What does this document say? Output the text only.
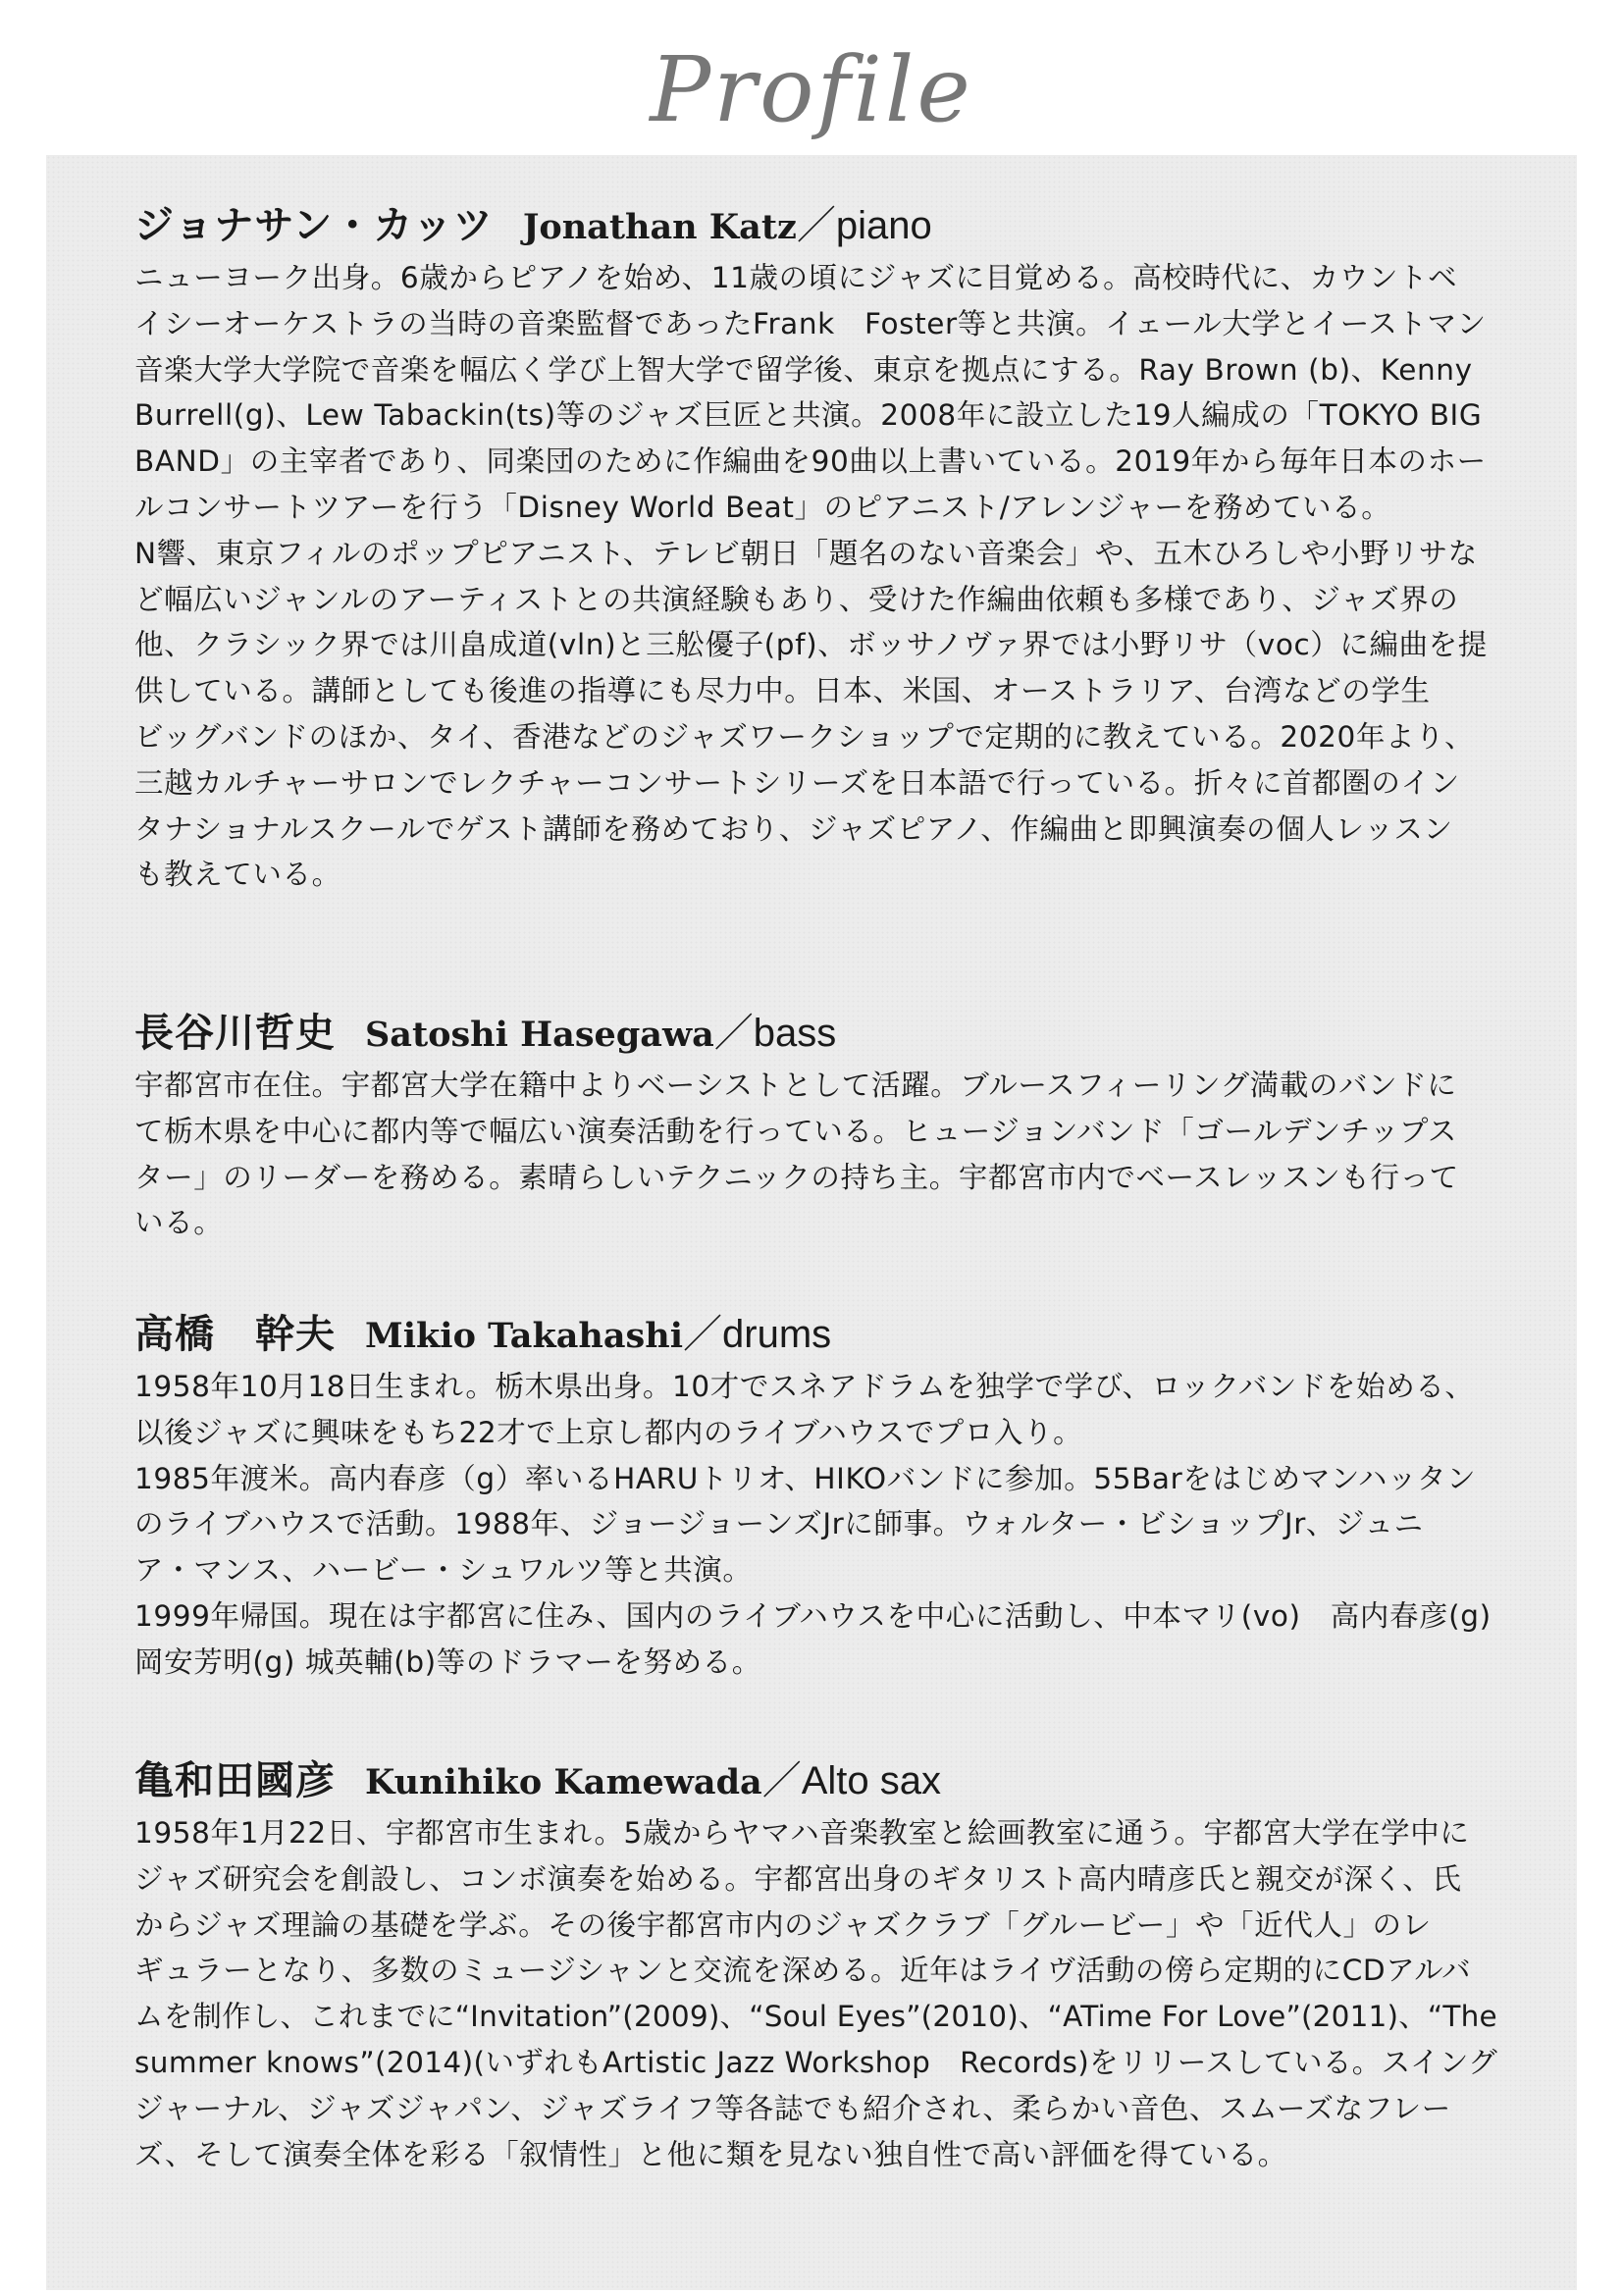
Profile
ジョナサン・カッツ Jonathan Katz／piano
ニューヨーク出身。6歳からピアノを始め、11歳の頃にジャズに目覚める。高校時代に、カウントベ
イシーオーケストラの当時の音楽監督であったFrank　Foster等と共演。イェール大学とイーストマン
音楽大学大学院で音楽を幅広く学び上智大学で留学後、東京を拠点にする。Ray Brown (b)、Kenny
Burrell(g)、Lew Tabackin(ts)等のジャズ巨匠と共演。2008年に設立した19人編成の「TOKYO BIG
BAND」の主宰者であり、同楽団のために作編曲を90曲以上書いている。2019年から毎年日本のホー
ルコンサートツアーを行う「Disney World Beat」のピアニスト/アレンジャーを務めている。
N響、東京フィルのポップピアニスト、テレビ朝日「題名のない音楽会」や、五木ひろしや小野リサな
ど幅広いジャンルのアーティストとの共演経験もあり、受けた作編曲依頼も多様であり、ジャズ界の
他、クラシック界では川畠成道(vln)と三舩優子(pf)、ボッサノヴァ界では小野リサ（voc）に編曲を提
供している。講師としても後進の指導にも尽力中。日本、米国、オーストラリア、台湾などの学生
ビッグバンドのほか、タイ、香港などのジャズワークショップで定期的に教えている。2020年より、
三越カルチャーサロンでレクチャーコンサートシリーズを日本語で行っている。折々に首都圏のイン
タナショナルスクールでゲスト講師を務めており、ジャズピアノ、作編曲と即興演奏の個人レッスン
も教えている。
長谷川哲史 Satoshi Hasegawa／bass
宇都宮市在住。宇都宮大学在籍中よりベーシストとして活躍。ブルースフィーリング満載のバンドに
て栃木県を中心に都内等で幅広い演奏活動を行っている。ヒュージョンバンド「ゴールデンチップス
ター」のリーダーを務める。素晴らしいテクニックの持ち主。宇都宮市内でベースレッスンも行って
いる。
高橋　幹夫 Mikio Takahashi／drums
1958年10月18日生まれ。栃木県出身。10才でスネアドラムを独学で学び、ロックバンドを始める、
以後ジャズに興味をもち22才で上京し都内のライブハウスでプロ入り。
1985年渡米。高内春彦（g）率いるHARUトリオ、HIKOバンドに参加。55Barをはじめマンハッタン
のライブハウスで活動。1988年、ジョージョーンズJrに師事。ウォルター・ビショップJr、ジュニ
ア・マンス、ハービー・シュワルツ等と共演。
1999年帰国。現在は宇都宮に住み、国内のライブハウスを中心に活動し、中本マリ(vo)　高内春彦(g)
岡安芳明(g) 城英輔(b)等のドラマーを努める。
亀和田國彦 Kunihiko Kamewada／Alto sax
1958年1月22日、宇都宮市生まれ。5歳からヤマハ音楽教室と絵画教室に通う。宇都宮大学在学中に
ジャズ研究会を創設し、コンボ演奏を始める。宇都宮出身のギタリスト高内晴彦氏と親交が深く、氏
からジャズ理論の基礎を学ぶ。その後宇都宮市内のジャズクラブ「グルービー」や「近代人」のレ
ギュラーとなり、多数のミュージシャンと交流を深める。近年はライヴ活動の傍ら定期的にCDアルバ
ムを制作し、これまでに“Invitation”(2009)、“Soul Eyes”(2010)、“ATime For Love”(2011)、“The
summer knows”(2014)(いずれもArtistic Jazz Workshop　Records)をリリースしている。スイング
ジャーナル、ジャズジャパン、ジャズライフ等各誌でも紹介され、柔らかい音色、スムーズなフレー
ズ、そして演奏全体を彩る「叙情性」と他に類を見ない独自性で高い評価を得ている。
